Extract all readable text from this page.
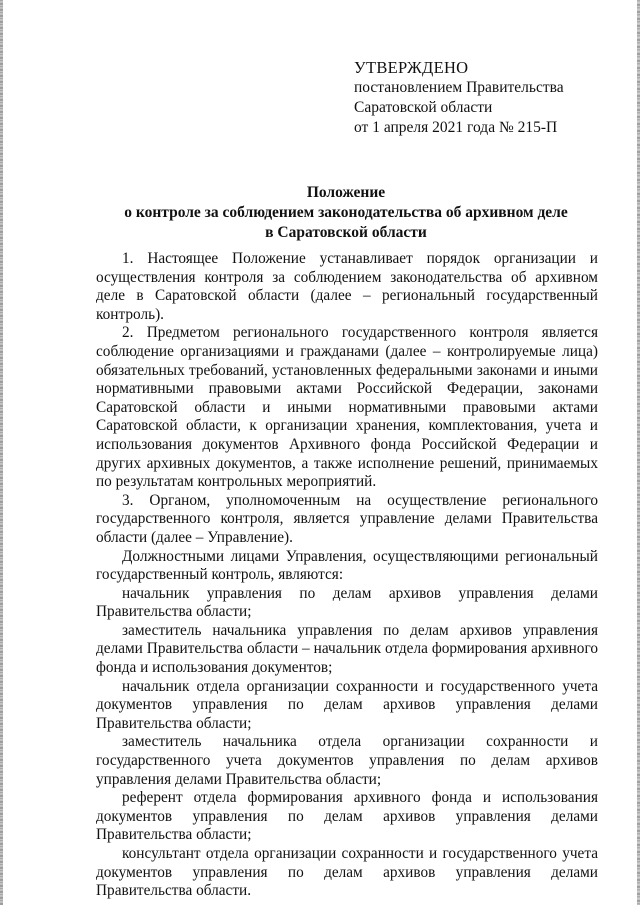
УТВЕРЖДЕНО
постановлением Правительства
Саратовской области
от 1 апреля 2021 года № 215-П
Положение
о контроле за соблюдением законодательства об архивном деле
в Саратовской области

1. Настоящее Положение устанавливает порядок организации и осуществления контроля за соблюдением законодательства об архивном деле в Саратовской области (далее – региональный государственный контроль).

2. Предметом регионального государственного контроля является соблюдение организациями и гражданами (далее – контролируемые лица) обязательных требований, установленных федеральными законами и иными нормативными правовыми актами Российской Федерации, законами Саратовской области и иными нормативными правовыми актами Саратовской области, к организации хранения, комплектования, учета и использования документов Архивного фонда Российской Федерации и других архивных документов, а также исполнение решений, принимаемых по результатам контрольных мероприятий.

3. Органом, уполномоченным на осуществление регионального государственного контроля, является управление делами Правительства области (далее – Управление).

Должностными лицами Управления, осуществляющими региональный государственный контроль, являются:

начальник управления по делам архивов управления делами Правительства области;

заместитель начальника управления по делам архивов управления делами Правительства области – начальник отдела формирования архивного фонда и использования документов;

начальник отдела организации сохранности и государственного учета документов управления по делам архивов управления делами Правительства области;

заместитель начальника отдела организации сохранности и государственного учета документов управления по делам архивов управления делами Правительства области;

референт отдела формирования архивного фонда и использования документов управления по делам архивов управления делами Правительства области;

консультант отдела организации сохранности и государственного учета документов управления по делам архивов управления делами Правительства области.
